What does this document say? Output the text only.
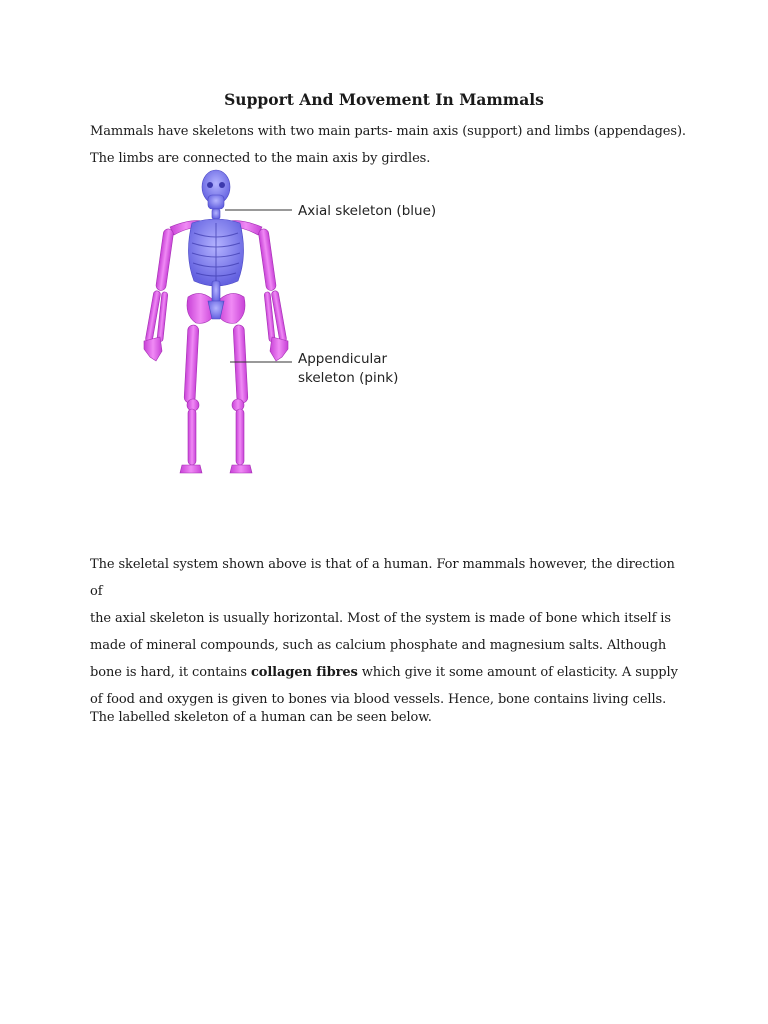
Support And Movement In Mammals

Mammals have skeletons with two main parts- main axis (support) and limbs (appendages).
The limbs are connected to the main axis by girdles.

Axial skeleton (blue)
Appendicular
skeleton (pink)

The skeletal system shown above is that of a human. For mammals however, the direction of
the axial skeleton is usually horizontal. Most of the system is made of bone which itself is
made of mineral compounds, such as calcium phosphate and magnesium salts. Although
bone is hard, it contains collagen fibres which give it some amount of elasticity. A supply
of food and oxygen is given to bones via blood vessels. Hence, bone contains living cells.

The labelled skeleton of a human can be seen below.
